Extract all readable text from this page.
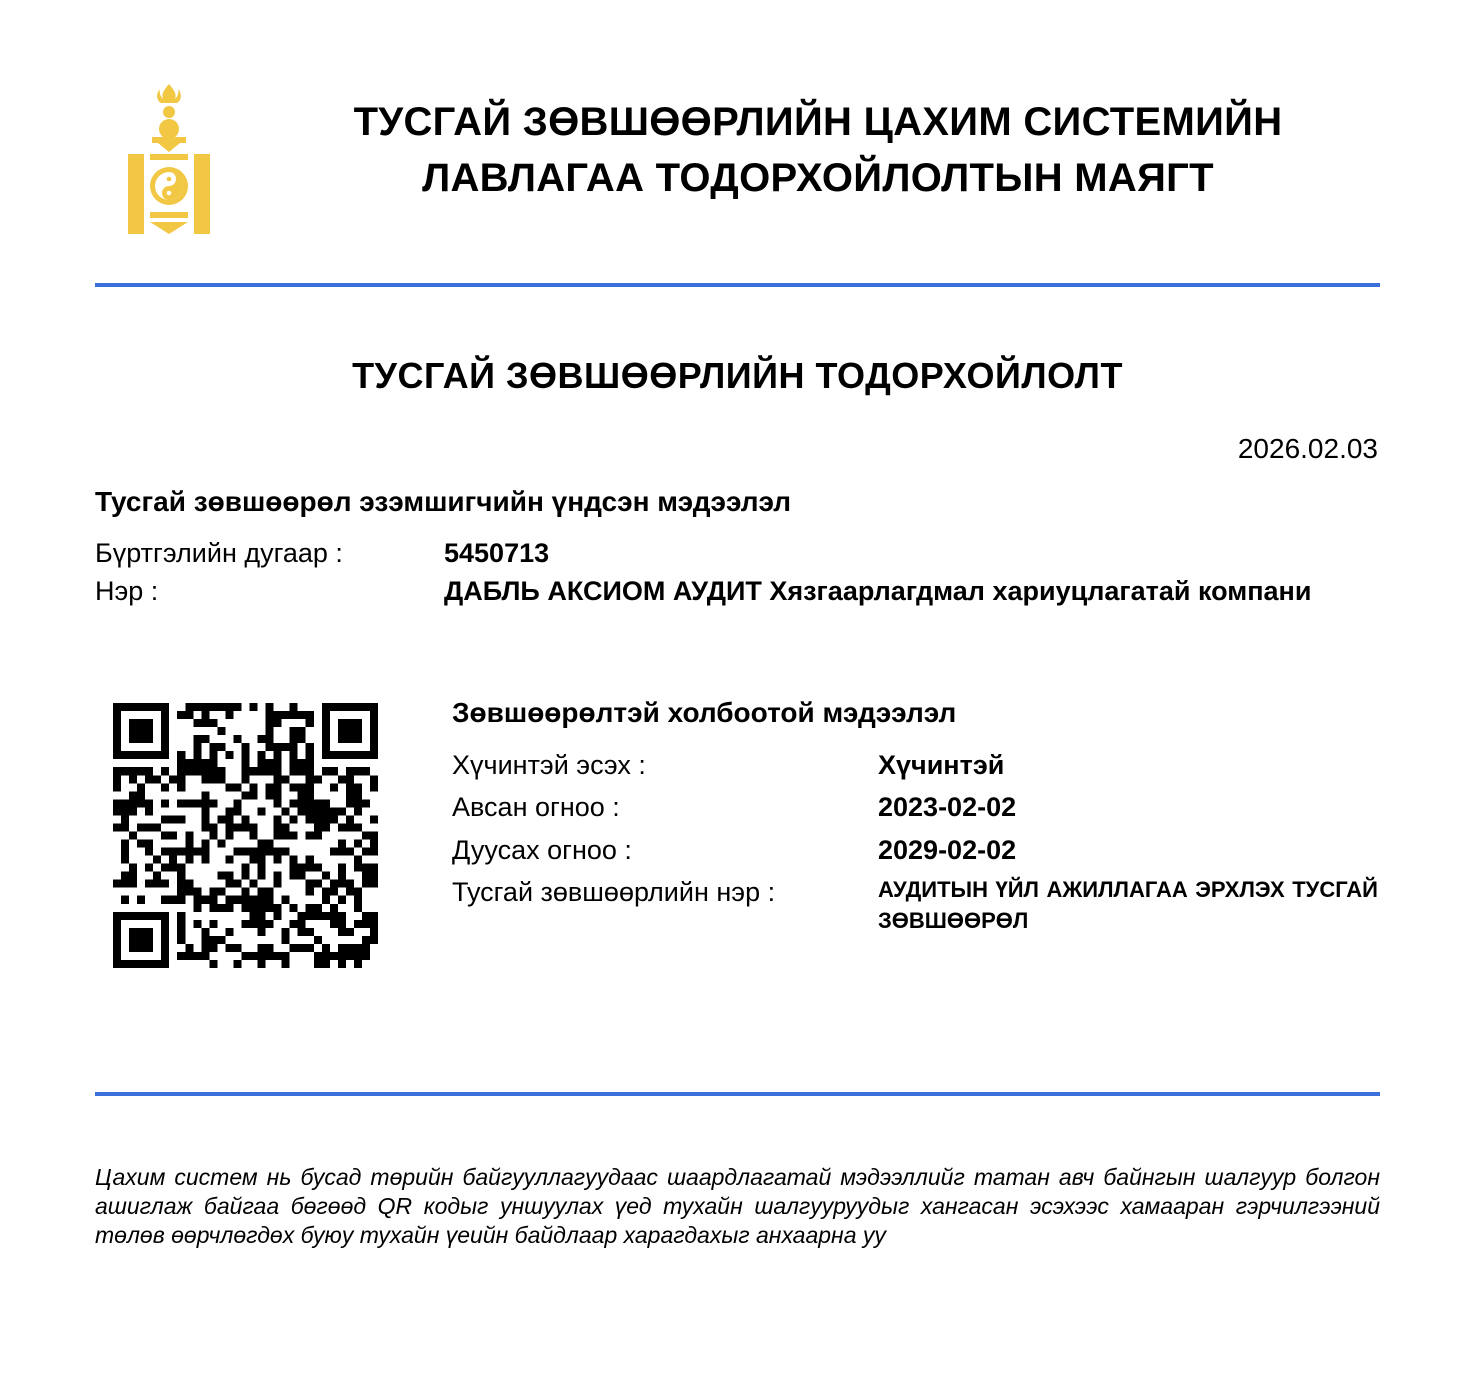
ТУСГАЙ ЗӨВШӨӨРЛИЙН ЦАХИМ СИСТЕМИЙН
ЛАВЛАГАА ТОДОРХОЙЛОЛТЫН МАЯГТ
ТУСГАЙ ЗӨВШӨӨРЛИЙН ТОДОРХОЙЛОЛТ
2026.02.03
Тусгай зөвшөөрөл эзэмшигчийн үндсэн мэдээлэл
Бүртгэлийн дугаар :	5450713
Нэр :	ДАБЛЬ АКСИОМ АУДИТ Хязгаарлагдмал хариуцлагатай компани
Зөвшөөрөлтэй холбоотой мэдээлэл
Хүчинтэй эсэх :	Хүчинтэй
Авсан огноо :	2023-02-02
Дуусах огноо :	2029-02-02
Тусгай зөвшөөрлийн нэр :	АУДИТЫН ҮЙЛ АЖИЛЛАГАА ЭРХЛЭХ ТУСГАЙ ЗӨВШӨӨРӨЛ
Цахим систем нь бусад төрийн байгууллагуудаас шаардлагатай мэдээллийг татан авч байнгын шалгуур болгон ашиглаж байгаа бөгөөд QR кодыг уншуулах үед тухайн шалгууруудыг хангасан эсэхээс хамааран гэрчилгээний төлөв өөрчлөгдөх буюу тухайн үеийн байдлаар харагдахыг анхаарна уу
